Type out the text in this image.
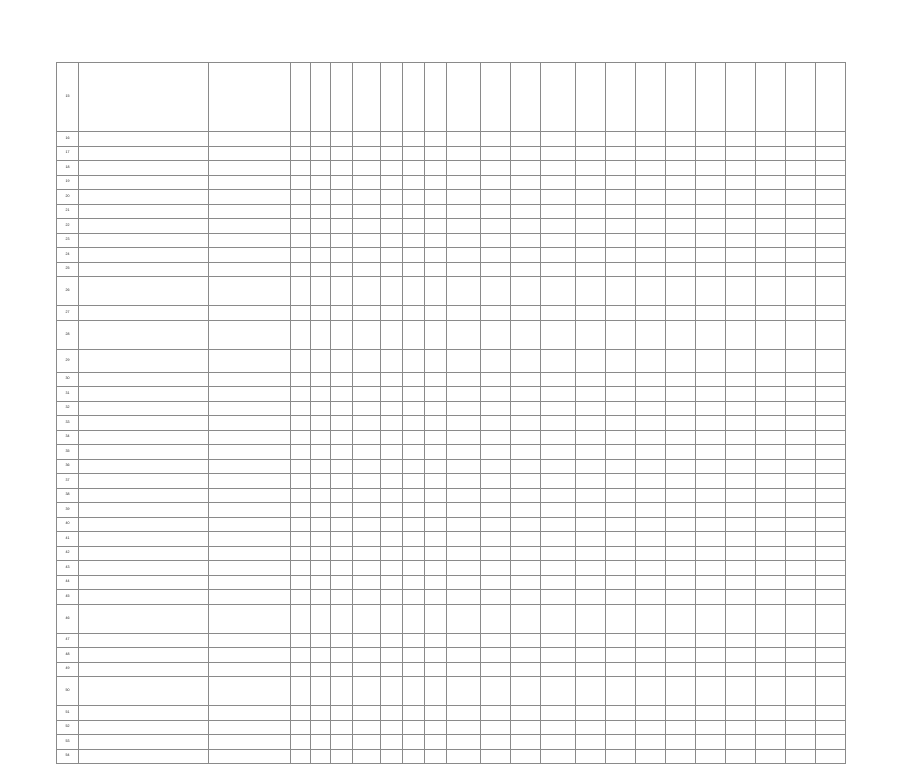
15																						
16																						
17																						
18																						
19																						
20																						
21																						
22																						
23																						
24																						
25																						
26																						
27																						
28																						
29																						
30																						
31																						
32																						
33																						
34																						
35																						
36																						
37																						
38																						
39																						
40																						
41																						
42																						
43																						
44																						
45																						
46																						
47																						
48																						
49																						
50																						
51																						
52																						
53																						
54																						
